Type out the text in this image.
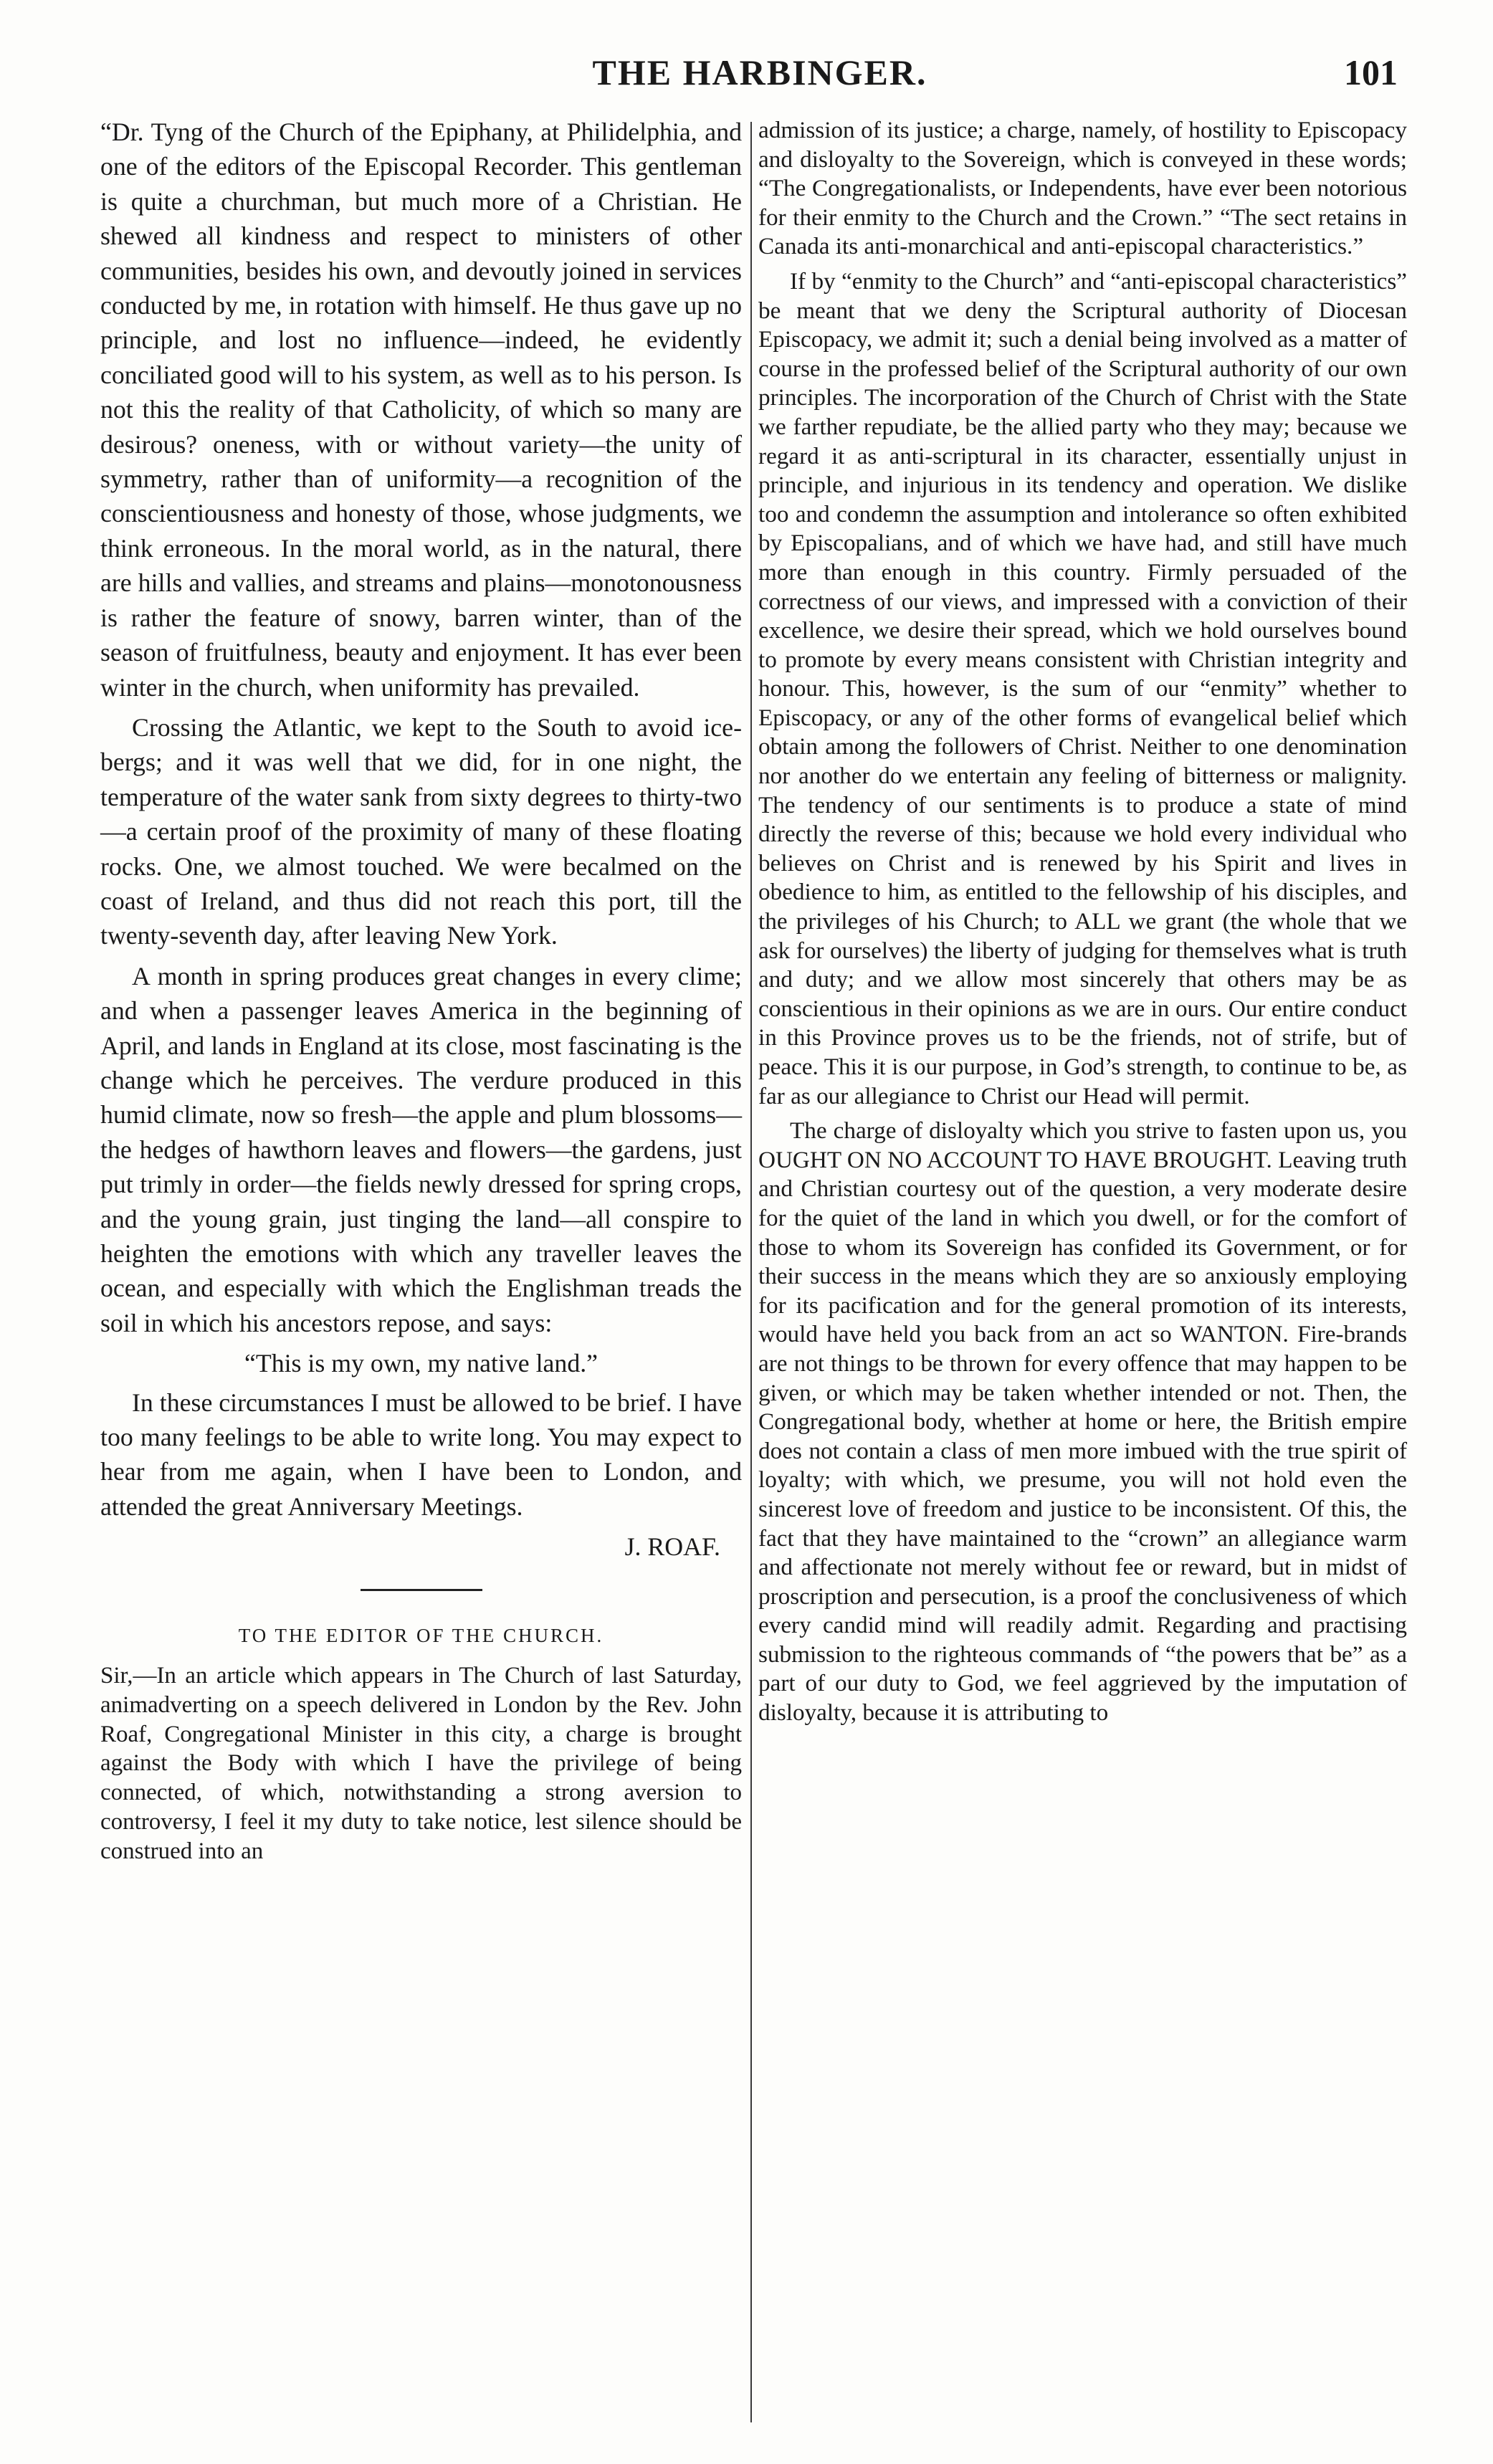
THE HARBINGER.	101

“Dr. Tyng of the Church of the Epiphany, at Philidelphia, and one of the editors of the Episcopal Recorder. This gentleman is quite a churchman, but much more of a Christian. He shewed all kindness and respect to ministers of other communities, besides his own, and devoutly joined in services conducted by me, in rotation with himself. He thus gave up no principle, and lost no influence—indeed, he evidently conciliated good will to his system, as well as to his person. Is not this the reality of that Catholicity, of which so many are desirous? oneness, with or without variety—the unity of symmetry, rather than of uniformity—a recognition of the conscientiousness and honesty of those, whose judgments, we think erroneous. In the moral world, as in the natural, there are hills and vallies, and streams and plains—monotonousness is rather the feature of snowy, barren winter, than of the season of fruitfulness, beauty and enjoyment. It has ever been winter in the church, when uniformity has prevailed.

Crossing the Atlantic, we kept to the South to avoid ice-bergs; and it was well that we did, for in one night, the temperature of the water sank from sixty degrees to thirty-two—a certain proof of the proximity of many of these floating rocks. One, we almost touched. We were becalmed on the coast of Ireland, and thus did not reach this port, till the twenty-seventh day, after leaving New York.

A month in spring produces great changes in every clime; and when a passenger leaves America in the beginning of April, and lands in England at its close, most fascinating is the change which he perceives. The verdure produced in this humid climate, now so fresh—the apple and plum blossoms—the hedges of hawthorn leaves and flowers—the gardens, just put trimly in order—the fields newly dressed for spring crops, and the young grain, just tinging the land—all conspire to heighten the emotions with which any traveller leaves the ocean, and especially with which the Englishman treads the soil in which his ancestors repose, and says:

“This is my own, my native land.”

In these circumstances I must be allowed to be brief. I have too many feelings to be able to write long. You may expect to hear from me again, when I have been to London, and attended the great Anniversary Meetings.

J. ROAF.

TO THE EDITOR OF THE CHURCH.

Sir,—In an article which appears in The Church of last Saturday, animadverting on a speech delivered in London by the Rev. John Roaf, Congregational Minister in this city, a charge is brought against the Body with which I have the privilege of being connected, of which, notwithstanding a strong aversion to controversy, I feel it my duty to take notice, lest silence should be construed into an

admission of its justice; a charge, namely, of hostility to Episcopacy and disloyalty to the Sovereign, which is conveyed in these words; “The Congregationalists, or Independents, have ever been notorious for their enmity to the Church and the Crown.” “The sect retains in Canada its anti-monarchical and anti-episcopal characteristics.”

If by “enmity to the Church” and “anti-episcopal characteristics” be meant that we deny the Scriptural authority of Diocesan Episcopacy, we admit it; such a denial being involved as a matter of course in the professed belief of the Scriptural authority of our own principles. The incorporation of the Church of Christ with the State we farther repudiate, be the allied party who they may; because we regard it as anti-scriptural in its character, essentially unjust in principle, and injurious in its tendency and operation. We dislike too and condemn the assumption and intolerance so often exhibited by Episcopalians, and of which we have had, and still have much more than enough in this country. Firmly persuaded of the correctness of our views, and impressed with a conviction of their excellence, we desire their spread, which we hold ourselves bound to promote by every means consistent with Christian integrity and honour. This, however, is the sum of our “enmity” whether to Episcopacy, or any of the other forms of evangelical belief which obtain among the followers of Christ. Neither to one denomination nor another do we entertain any feeling of bitterness or malignity. The tendency of our sentiments is to produce a state of mind directly the reverse of this; because we hold every individual who believes on Christ and is renewed by his Spirit and lives in obedience to him, as entitled to the fellowship of his disciples, and the privileges of his Church; to ALL we grant (the whole that we ask for ourselves) the liberty of judging for themselves what is truth and duty; and we allow most sincerely that others may be as conscientious in their opinions as we are in ours. Our entire conduct in this Province proves us to be the friends, not of strife, but of peace. This it is our purpose, in God’s strength, to continue to be, as far as our allegiance to Christ our Head will permit.

The charge of disloyalty which you strive to fasten upon us, you OUGHT ON NO ACCOUNT TO HAVE BROUGHT. Leaving truth and Christian courtesy out of the question, a very moderate desire for the quiet of the land in which you dwell, or for the comfort of those to whom its Sovereign has confided its Government, or for their success in the means which they are so anxiously employing for its pacification and for the general promotion of its interests, would have held you back from an act so WANTON. Fire-brands are not things to be thrown for every offence that may happen to be given, or which may be taken whether intended or not. Then, the Congregational body, whether at home or here, the British empire does not contain a class of men more imbued with the true spirit of loyalty; with which, we presume, you will not hold even the sincerest love of freedom and justice to be inconsistent. Of this, the fact that they have maintained to the “crown” an allegiance warm and affectionate not merely without fee or reward, but in midst of proscription and persecution, is a proof the conclusiveness of which every candid mind will readily admit. Regarding and practising submission to the righteous commands of “the powers that be” as a part of our duty to God, we feel aggrieved by the imputation of disloyalty, because it is attributing to
